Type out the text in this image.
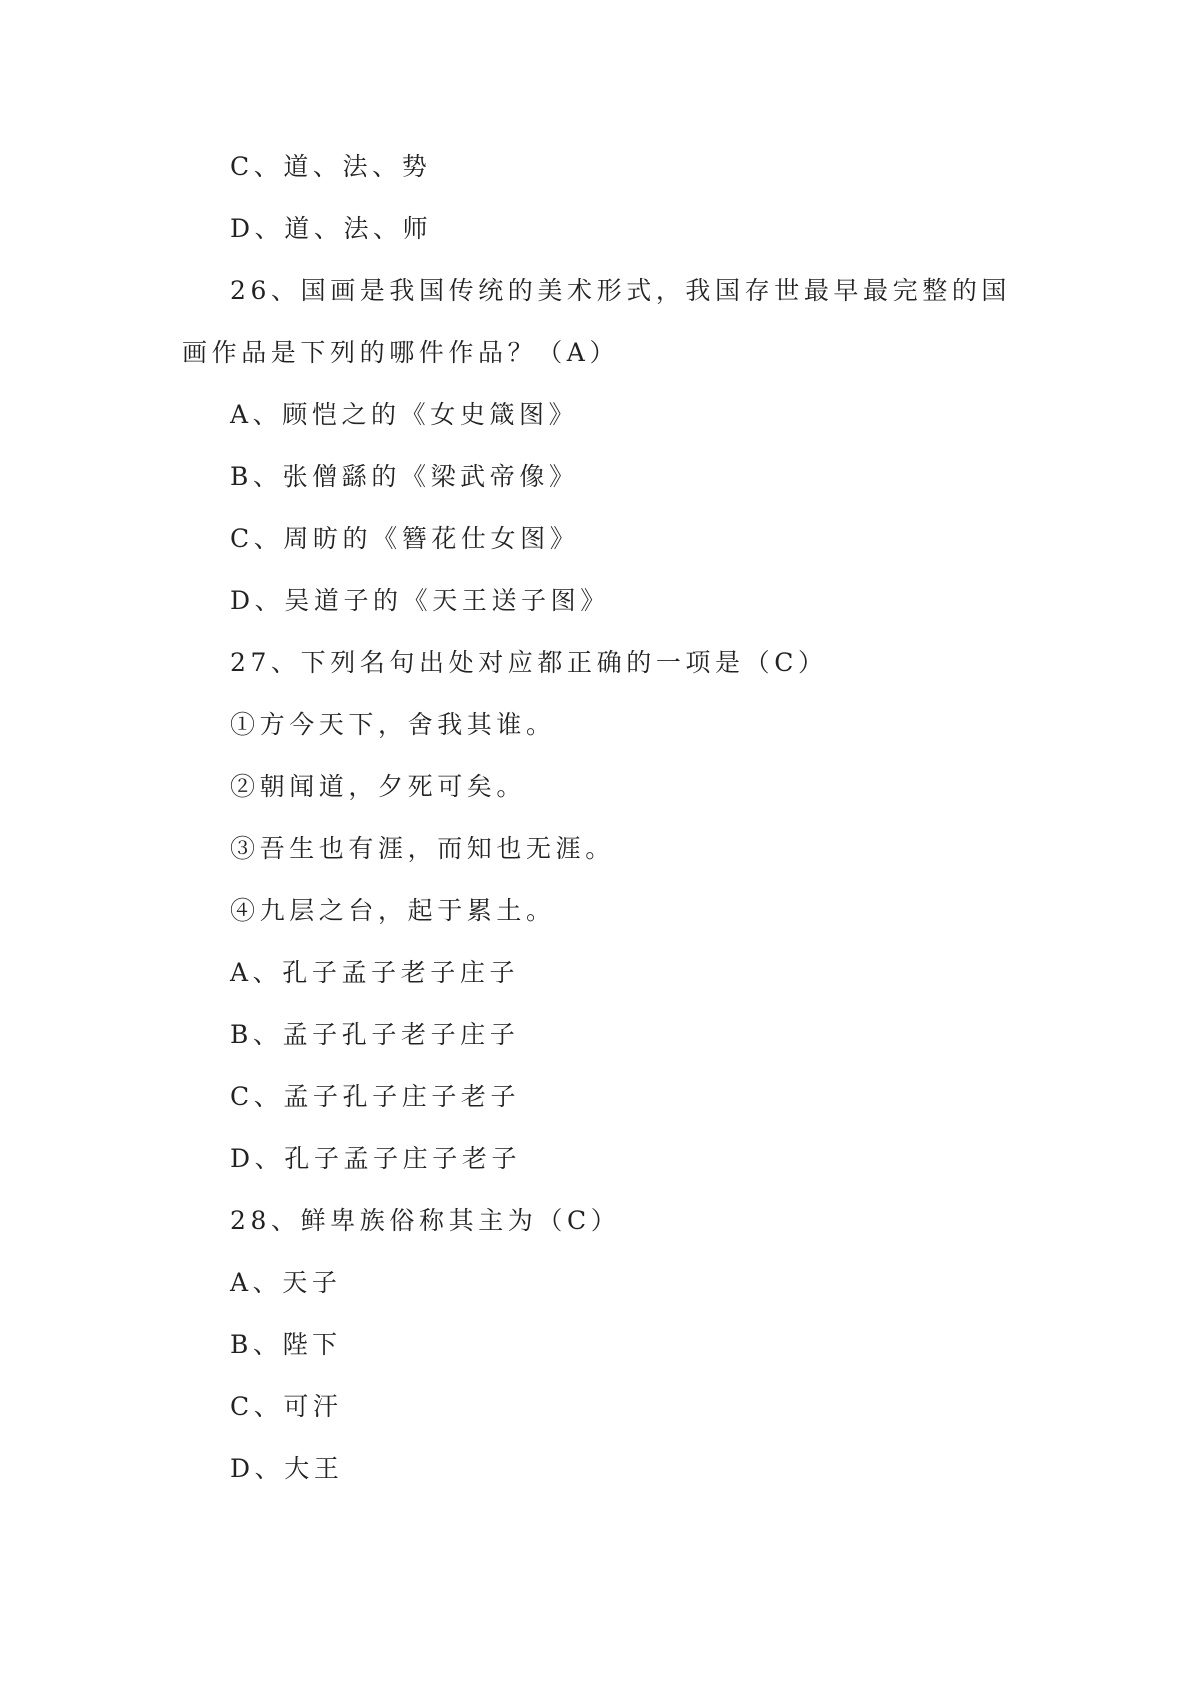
C、道、法、势
D、道、法、师
26、国画是我国传统的美术形式，我国存世最早最完整的国
画作品是下列的哪件作品？（A）
A、顾恺之的《女史箴图》
B、张僧繇的《梁武帝像》
C、周昉的《簪花仕女图》
D、吴道子的《天王送子图》
27、下列名句出处对应都正确的一项是（C）
①方今天下，舍我其谁。
②朝闻道，夕死可矣。
③吾生也有涯，而知也无涯。
④九层之台，起于累土。
A、孔子孟子老子庄子
B、孟子孔子老子庄子
C、孟子孔子庄子老子
D、孔子孟子庄子老子
28、鲜卑族俗称其主为（C）
A、天子
B、陛下
C、可汗
D、大王
